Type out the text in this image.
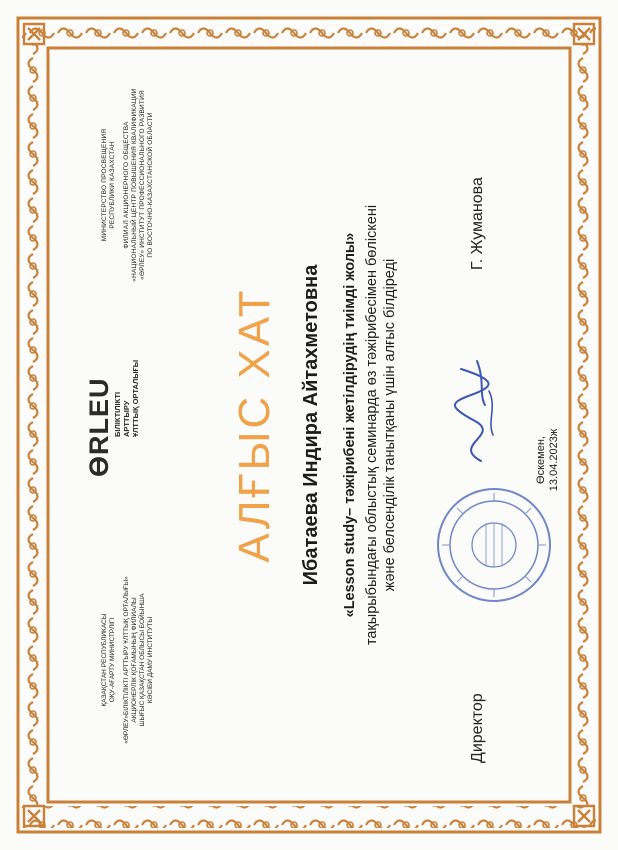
МИНИСТЕРСТВО ПРОСВЕЩЕНИЯ РЕСПУБЛИКИ КАЗАХСТАН ФИЛИАЛ АКЦИОНЕРНОГО ОБЩЕСТВА «НАЦИОНАЛЬНЫЙ ЦЕНТР ПОВЫШЕНИЯ КВАЛИФИКАЦИИ «ӨРЛЕУ» ИНСТИТУТ ПРОФЕССИОНАЛЬНОГО РАЗВИТИЯ ПО ВОСТОЧНО-КАЗАХСТАНСКОЙ ОБЛАСТИ
ӨRLEU БІЛІКТІЛІКТІ АРТТЫРУ ҰЛТТЫҚ ОРТАЛЫҒЫ
ҚАЗАҚСТАН РЕСПУБЛИКАСЫ ОҚУ-АҒАРТУ МИНИСТРЛІГІ «ӨРЛЕУ»БІЛІКТІЛІКТІ АРТТЫРУ ҰЛТТЫҚ ОРТАЛЫҒЫ» АКЦИОНЕРЛІК ҚОҒАМЫНЫҢ ФИЛИАЛЫ ШЫҒЫС ҚАЗАҚСТАН ОБЛЫСЫ БОЙЫНША КӘСІБИ ДАМУ ИНСТИТУТЫ
АЛҒЫС ХАТ Ибатаева Индира Айтахметовна «Lesson study– тәжірибені жетілдірудің тиімді жолы» тақырыбындағы облыстық семинарда өз тәжірибесімен бөліскені және белсенділік танытқаны үшін алғыс білдіреді
Директор
Г. Жуманова
Өскемен, 13.04.2023ж
